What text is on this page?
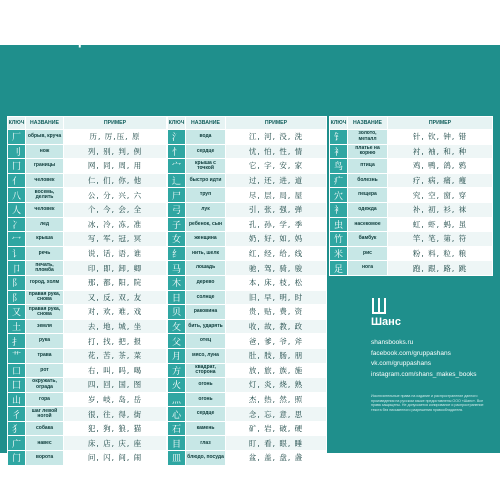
ТАБЛИЦА ОСНОВНЫХ КЛЮЧЕЙ КИТАЙСКИХ ИЕРОГЛИФОВ
КЛЮЧ	НАЗВАНИЕ	ПРИМЕР
厂	обрыв, круча	历, 厉,压, 原
刂	нож	列, 别, 判, 例
冂	границы	网, 同, 周, 用
亻	человек	仁, 们, 你, 他
八	восемь, делить	公, 分, 兴, 六
人	человек	个, 今, 会, 全
冫	лед	冰, 冷, 冻, 准
冖	крыша	写, 军, 冠, 冥
讠	речь	说, 话, 语, 谁
卩	печать, пломба	印, 即, 卸, 卿
阝	город, холм	那, 都, 阳, 院
阝	правая рука, снова	又, 反, 双, 友
又	правая рука, снова	对, 欢, 难, 戏
土	земля	去, 地, 城, 坐
扌	рука	打, 找, 把, 报
艹	трава	花, 苦, 茶, 菜
口	рот	右, 叫, 吗, 喝
囗	окружать, ограда	四, 回, 国, 图
山	гора	岁, 岐, 岛, 岳
彳	шаг левой ногой	很, 往, 得, 街
犭	собака	犯, 狗, 狼, 猫
广	навес	床, 店, 庆, 座
门	ворота	问, 闪, 间, 闹
КЛЮЧ	НАЗВАНИЕ	ПРИМЕР
氵	вода	江, 河, 没, 洗
忄	сердце	忧, 怕, 性, 情
宀	крыша с точкой	它, 字, 安, 家
辶	быстро идти	过, 还, 进, 道
尸	труп	尽, 层, 局, 屋
弓	лук	引, 张, 强, 弹
子	ребенок, сын	孔, 孙, 学, 季
女	женщина	奶, 好, 如, 妈
纟	нить, шелк	红, 经, 给, 线
马	лошадь	驰, 驾, 骑, 骏
木	дерево	本, 床, 枝, 松
日	солнце	旧, 早, 明, 时
贝	раковина	贵, 贴, 费, 资
攵	бить, ударять	收, 故, 教, 政
父	отец	爸, 爹, 爷, 斧
月	мясо, луна	肚, 肢, 肠, 朋
方	квадрат, сторона	放, 旅, 族, 施
火	огонь	灯, 炎, 烧, 熟
灬	огонь	杰, 热, 然, 照
心	сердце	念, 忘, 意, 思
石	камень	矿, 岩, 破, 硬
目	глаз	盯, 看, 眼, 睡
皿	блюдо, посуда	盆, 盖, 盘, 盏
КЛЮЧ	НАЗВАНИЕ	ПРИМЕР
钅	золото, металл	针, 钦, 钟, 错
衤	платье на корню	衬, 袖, 和, 种
鸟	птица	鸡, 鸭, 鸽, 鸦
疒	болезнь	疗, 病, 痛, 瘦
穴	пещера	究, 空, 窗, 穿
衤	одежда	补, 初, 衫, 袜
虫	насекомое	虹, 虾, 蚂, 虽
竹	бамбук	竿, 笔, 第, 符
米	рис	粉, 料, 粒, 粮
足	нога	跑, 跟, 路, 跳
Шанс
shansbooks.ru
facebook.com/gruppashans
vk.com/gruppashans
instagram.com/shans_makes_books
Исключительные права на издание и распространение данного произведения на русском языке предоставлены ООО «Шанс». Все права защищены. Не допускается копирование и распространение текста без письменного разрешения правообладателя.
